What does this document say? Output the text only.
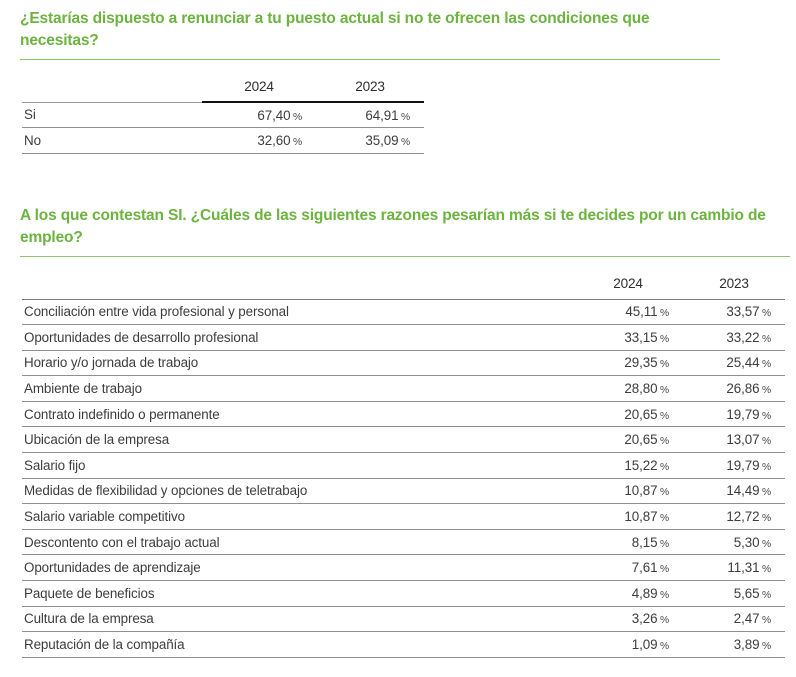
¿Estarías dispuesto a renunciar a tu puesto actual si no te ofrecen las condiciones que necesitas?
	2024	2023
Si	67,40 %	64,91 %
No	32,60 %	35,09 %
A los que contestan SI. ¿Cuáles de las siguientes razones pesarían más si te decides por un cambio de empleo?
	2024	2023
Conciliación entre vida profesional y personal	45,11 %	33,57 %
Oportunidades de desarrollo profesional	33,15 %	33,22 %
Horario y/o jornada de trabajo	29,35 %	25,44 %
Ambiente de trabajo	28,80 %	26,86 %
Contrato indefinido o permanente	20,65 %	19,79 %
Ubicación de la empresa	20,65 %	13,07 %
Salario fijo	15,22 %	19,79 %
Medidas de flexibilidad y opciones de teletrabajo	10,87 %	14,49 %
Salario variable competitivo	10,87 %	12,72 %
Descontento con el trabajo actual	8,15 %	5,30 %
Oportunidades de aprendizaje	7,61 %	11,31 %
Paquete de beneficios	4,89 %	5,65 %
Cultura de la empresa	3,26 %	2,47 %
Reputación de la compañía	1,09 %	3,89 %
